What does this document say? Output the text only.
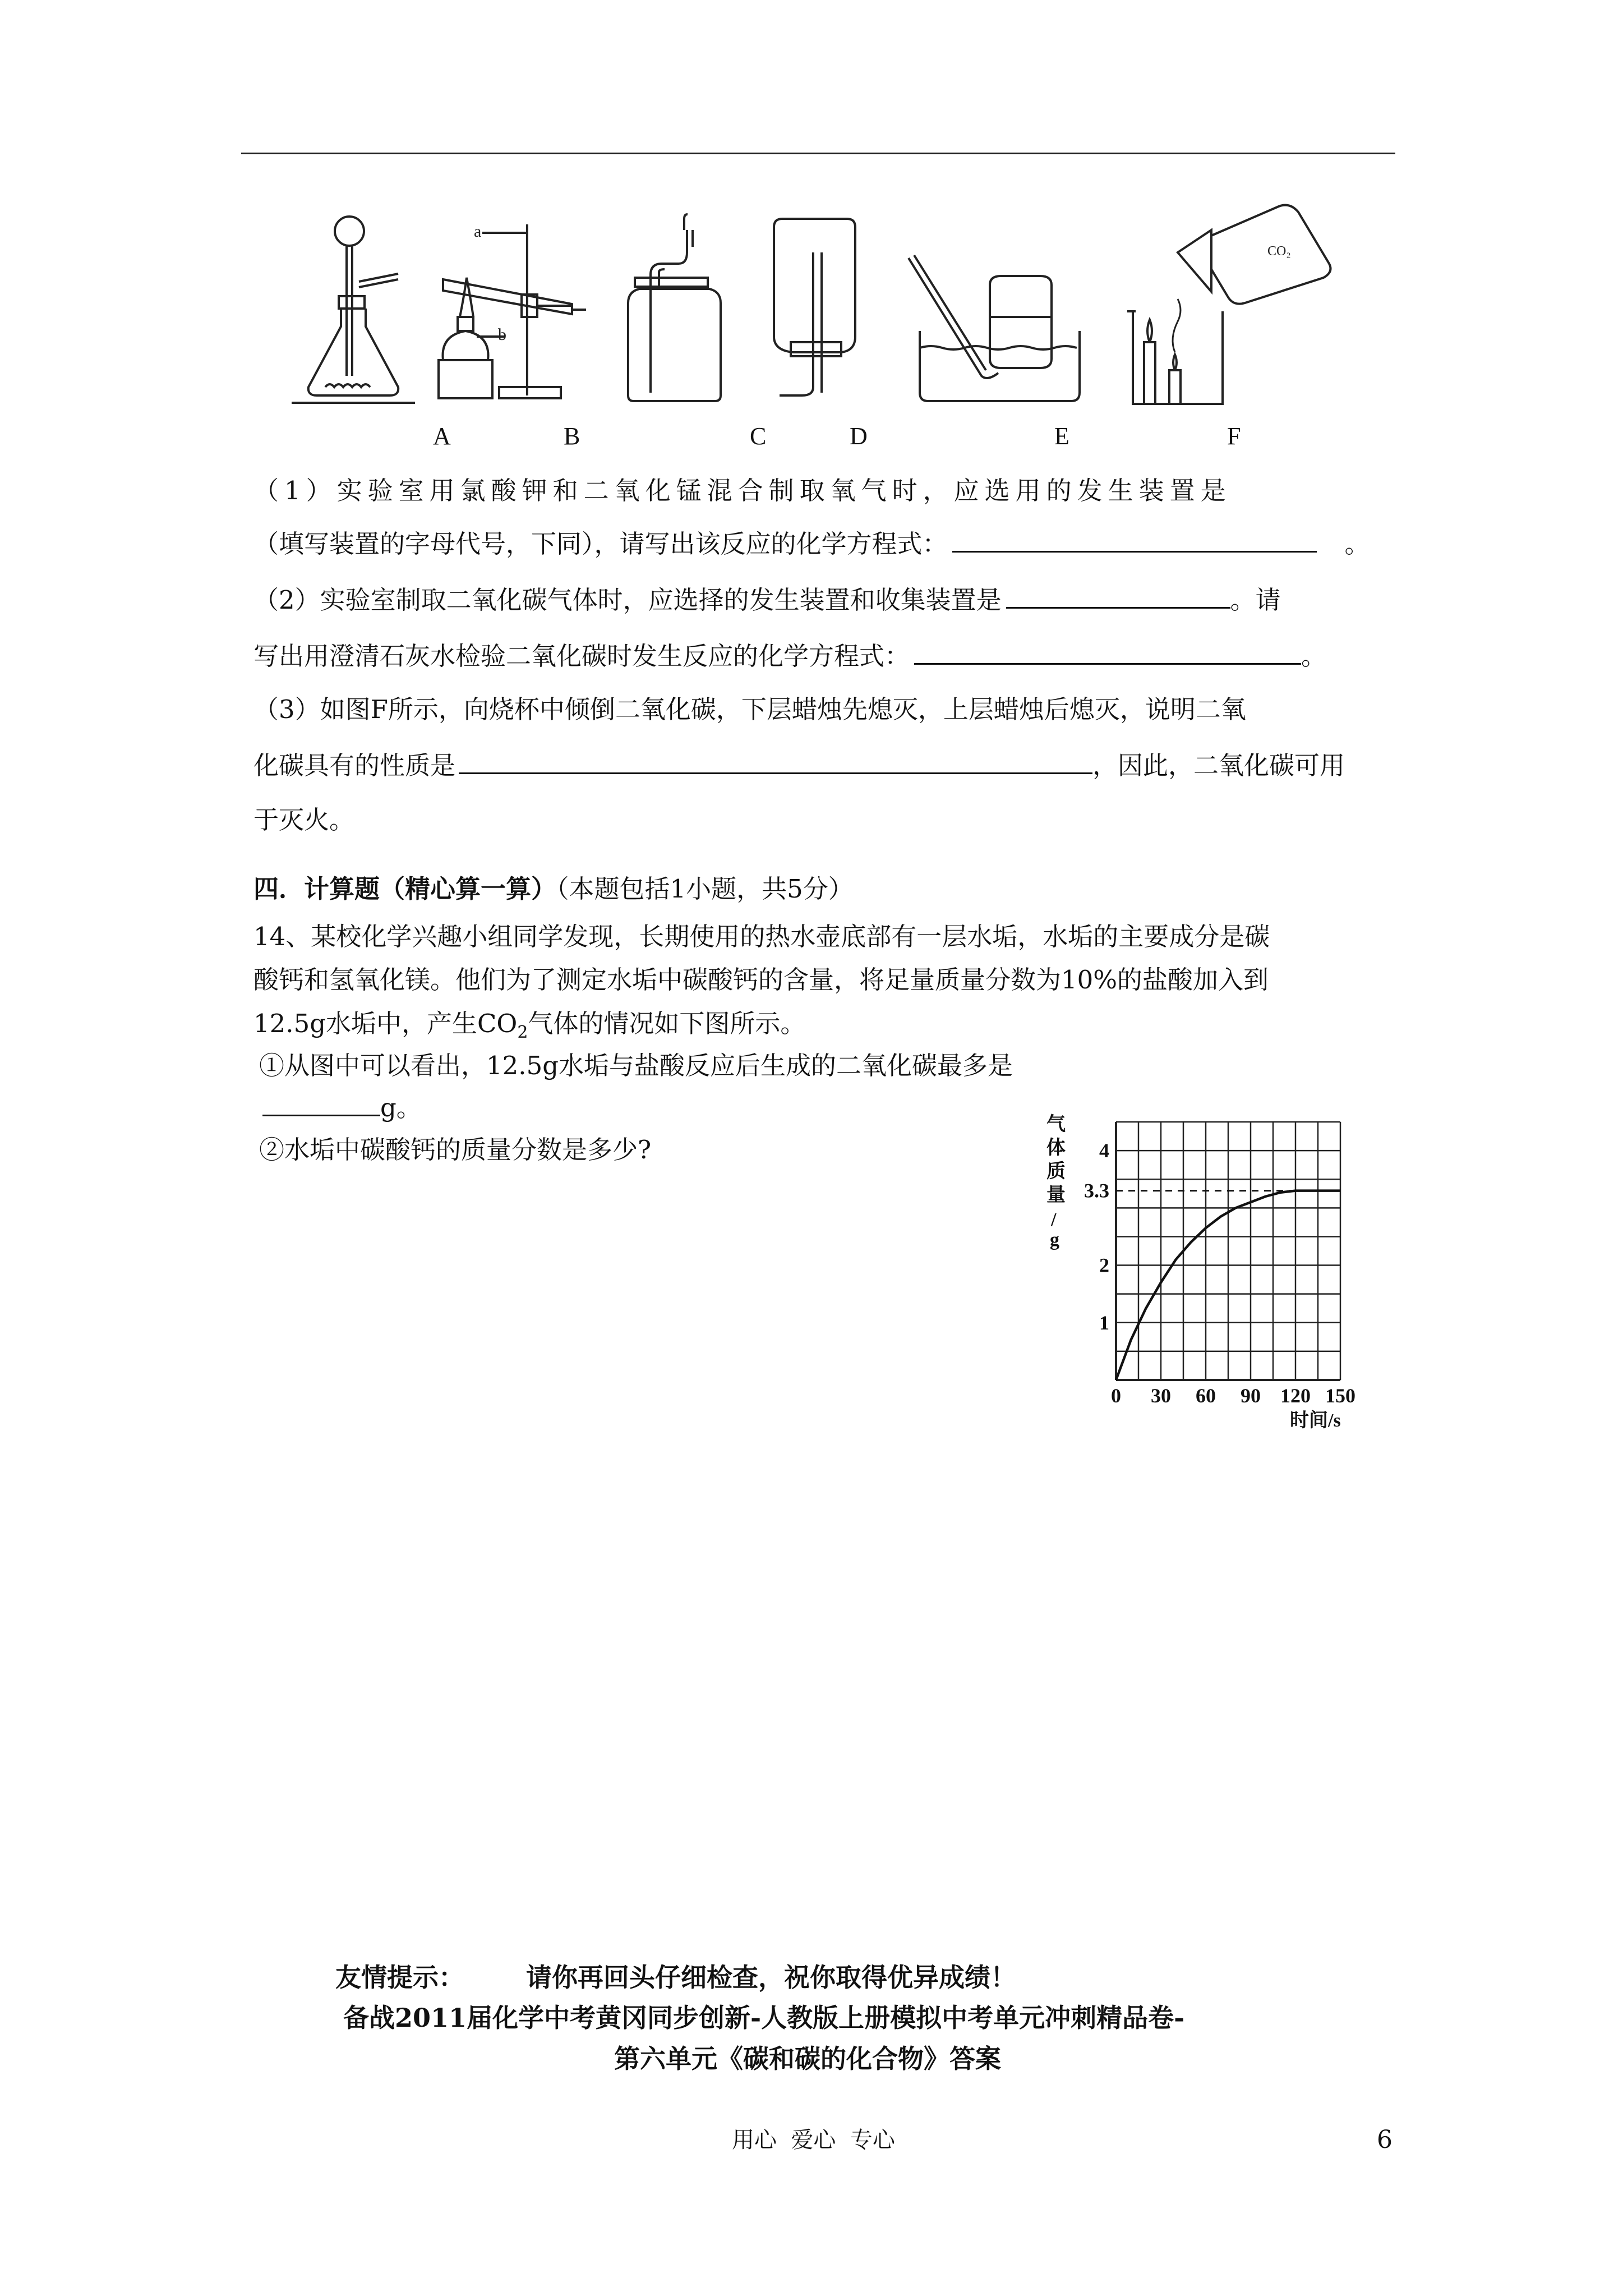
CO₂
a
b
A	B	C	D	E	F
（1）实验室用氯酸钾和二氧化锰混合制取氧气时，应选用的发生装置是
（填写装置的字母代号，下同），请写出该反应的化学方程式：	。
（2）实验室制取二氧化碳气体时，应选择的发生装置和收集装置是	。请
写出用澄清石灰水检验二氧化碳时发生反应的化学方程式：	。
（3）如图F所示，向烧杯中倾倒二氧化碳，下层蜡烛先熄灭，上层蜡烛后熄灭，说明二氧
化碳具有的性质是	，因此，二氧化碳可用
于灭火。
四．计算题（精心算一算）（本题包括1小题，共5分）
14、某校化学兴趣小组同学发现，长期使用的热水壶底部有一层水垢，水垢的主要成分是碳
酸钙和氢氧化镁。他们为了测定水垢中碳酸钙的含量，将足量质量分数为10%的盐酸加入到
12.5g水垢中，产生$CO_2$气体的情况如下图所示。
①从图中可以看出，12.5g水垢与盐酸反应后生成的二氧化碳最多是
g。
②水垢中碳酸钙的质量分数是多少?
0 30 60 90 120 150
1
2
3.3
4
气
体
质
量
/
g
时间/s
友情提示： 请你再回头仔细检查，祝你取得优异成绩！
备战2011届化学中考黄冈同步创新-人教版上册模拟中考单元冲刺精品卷-
第六单元《碳和碳的化合物》答案
用心  爱心  专心	6
